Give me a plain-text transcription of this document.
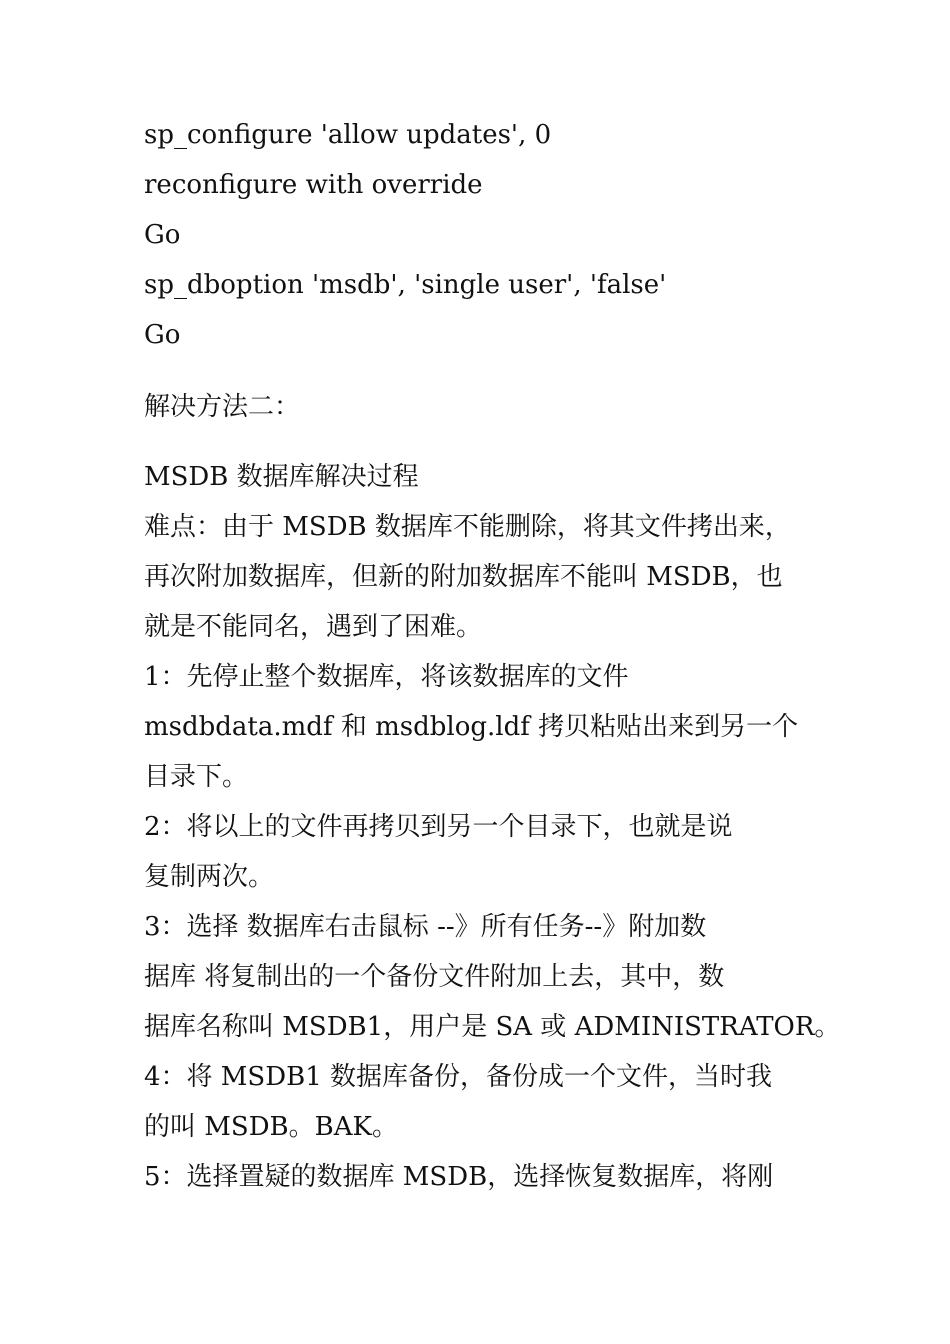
sp_configure 'allow updates', 0
reconfigure with override
Go
sp_dboption 'msdb', 'single user', 'false'
Go
解决方法二：
MSDB 数据库解决过程
难点：由于 MSDB 数据库不能删除，将其文件拷出来，
再次附加数据库，但新的附加数据库不能叫 MSDB，也
就是不能同名，遇到了困难。
1：先停止整个数据库，将该数据库的文件
msdbdata.mdf 和 msdblog.ldf 拷贝粘贴出来到另一个
目录下。
2：将以上的文件再拷贝到另一个目录下，也就是说
复制两次。
3：选择 数据库右击鼠标 --》所有任务--》附加数
据库 将复制出的一个备份文件附加上去，其中，数
据库名称叫 MSDB1，用户是 SA 或 ADMINISTRATOR。
4：将 MSDB1 数据库备份，备份成一个文件，当时我
的叫 MSDB。BAK。
5：选择置疑的数据库 MSDB，选择恢复数据库，将刚
